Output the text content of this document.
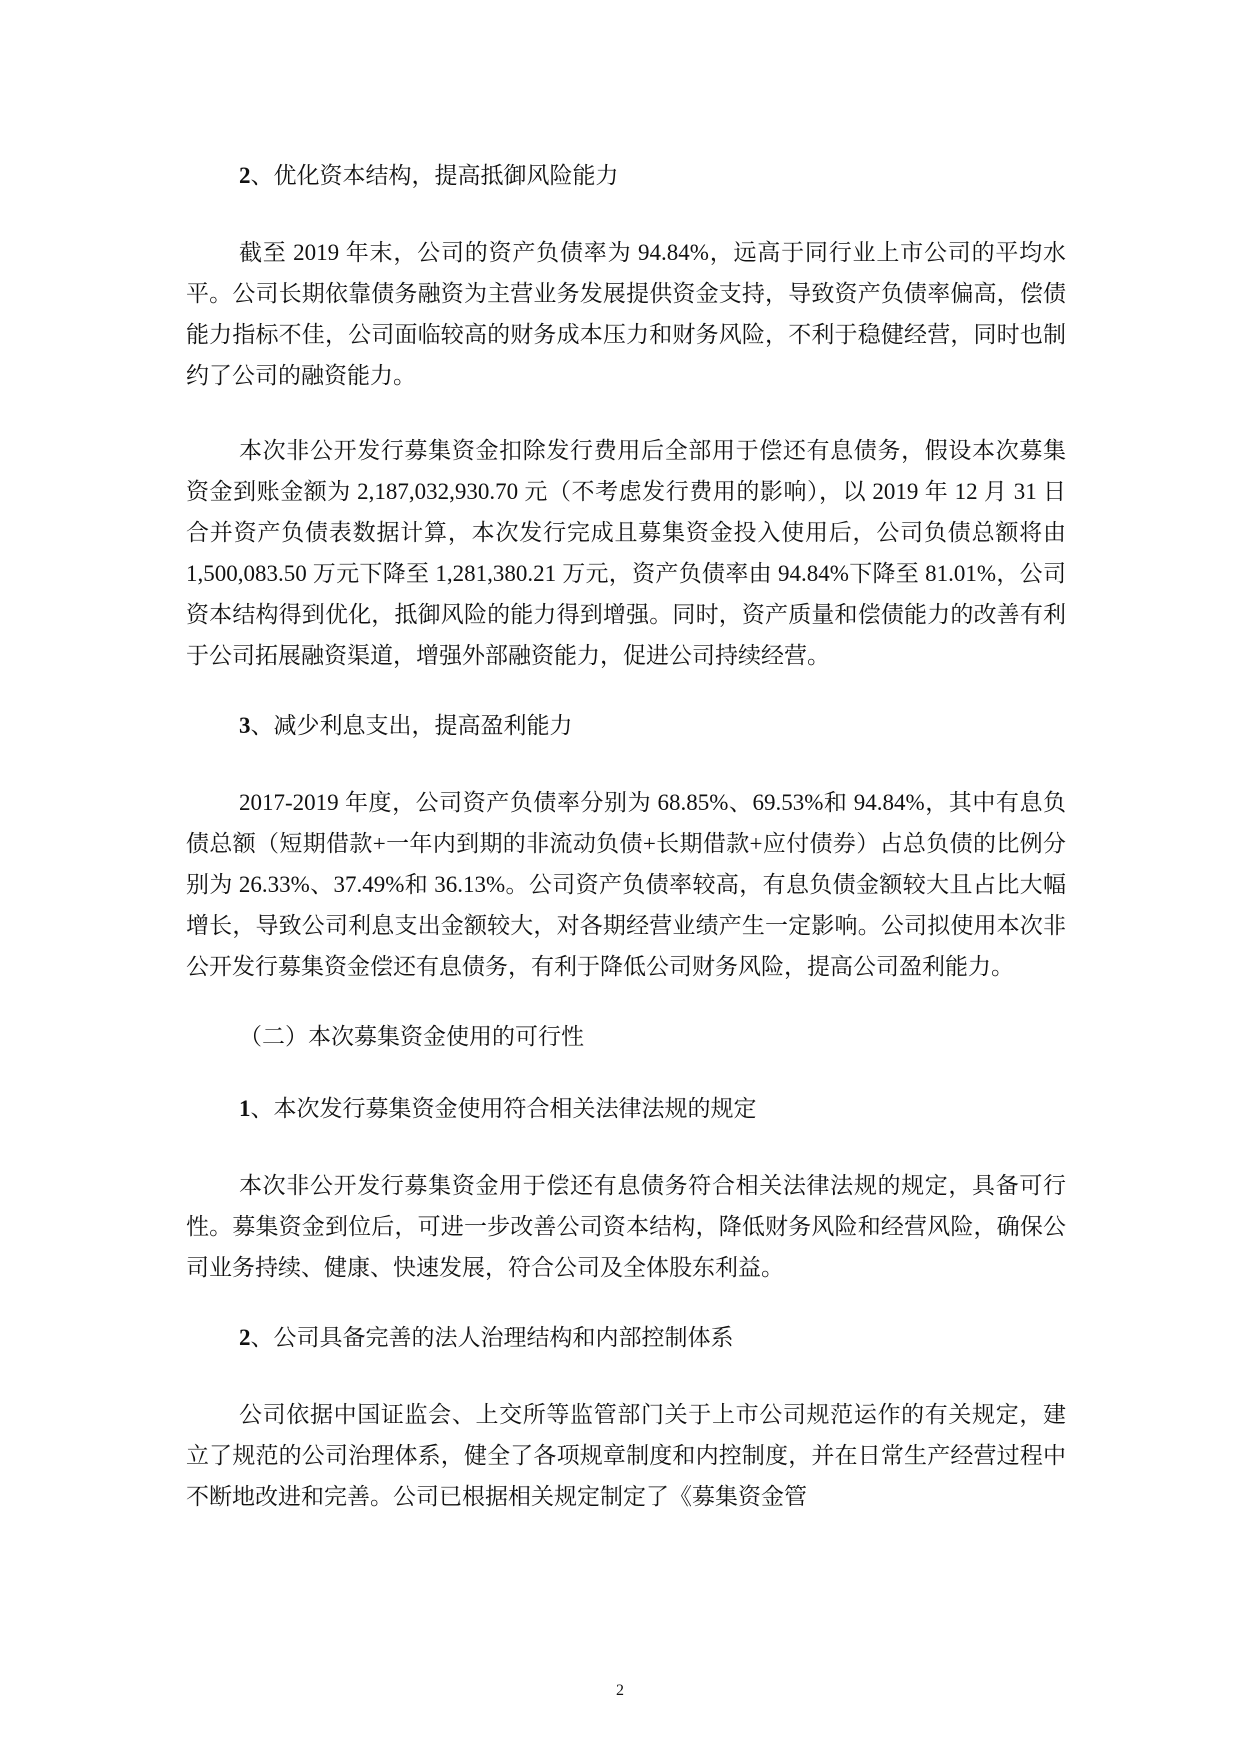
2、优化资本结构，提高抵御风险能力

截至 2019 年末，公司的资产负债率为 94.84%，远高于同行业上市公司的平均水平。公司长期依靠债务融资为主营业务发展提供资金支持，导致资产负债率偏高，偿债能力指标不佳，公司面临较高的财务成本压力和财务风险，不利于稳健经营，同时也制约了公司的融资能力。

本次非公开发行募集资金扣除发行费用后全部用于偿还有息债务，假设本次募集资金到账金额为 2,187,032,930.70 元（不考虑发行费用的影响），以 2019 年 12 月 31 日合并资产负债表数据计算，本次发行完成且募集资金投入使用后，公司负债总额将由 1,500,083.50 万元下降至 1,281,380.21 万元，资产负债率由 94.84%下降至 81.01%，公司资本结构得到优化，抵御风险的能力得到增强。同时，资产质量和偿债能力的改善有利于公司拓展融资渠道，增强外部融资能力，促进公司持续经营。

3、减少利息支出，提高盈利能力

2017-2019 年度，公司资产负债率分别为 68.85%、69.53%和 94.84%，其中有息负债总额（短期借款+一年内到期的非流动负债+长期借款+应付债券）占总负债的比例分别为 26.33%、37.49%和 36.13%。公司资产负债率较高，有息负债金额较大且占比大幅增长，导致公司利息支出金额较大，对各期经营业绩产生一定影响。公司拟使用本次非公开发行募集资金偿还有息债务，有利于降低公司财务风险，提高公司盈利能力。

（二）本次募集资金使用的可行性
1、本次发行募集资金使用符合相关法律法规的规定

本次非公开发行募集资金用于偿还有息债务符合相关法律法规的规定，具备可行性。募集资金到位后，可进一步改善公司资本结构，降低财务风险和经营风险，确保公司业务持续、健康、快速发展，符合公司及全体股东利益。

2、公司具备完善的法人治理结构和内部控制体系

公司依据中国证监会、上交所等监管部门关于上市公司规范运作的有关规定，建立了规范的公司治理体系，健全了各项规章制度和内控制度，并在日常生产经营过程中不断地改进和完善。公司已根据相关规定制定了《募集资金管

2
